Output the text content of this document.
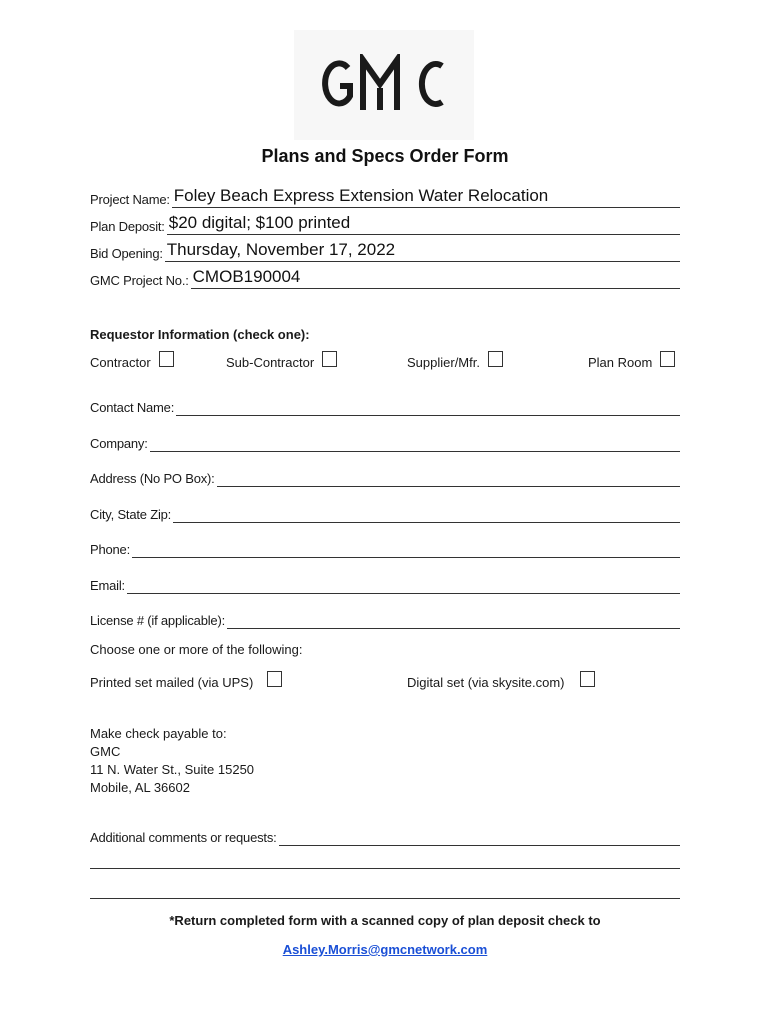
Plans and Specs Order Form
Project Name: Foley Beach Express Extension Water Relocation
Plan Deposit: $20 digital; $100 printed
Bid Opening: Thursday, November 17, 2022
GMC Project No.: CMOB190004
Requestor Information (check one):
Contractor	Sub-Contractor	Supplier/Mfr.	Plan Room
Contact Name:
Company:
Address (No PO Box):
City, State Zip:
Phone:
Email:
License # (if applicable):
Choose one or more of the following:
Printed set mailed (via UPS)	Digital set (via skysite.com)
Make check payable to:
GMC
11 N. Water St., Suite 15250
Mobile, AL 36602
Additional comments or requests:
*Return completed form with a scanned copy of plan deposit check to
Ashley.Morris@gmcnetwork.com
